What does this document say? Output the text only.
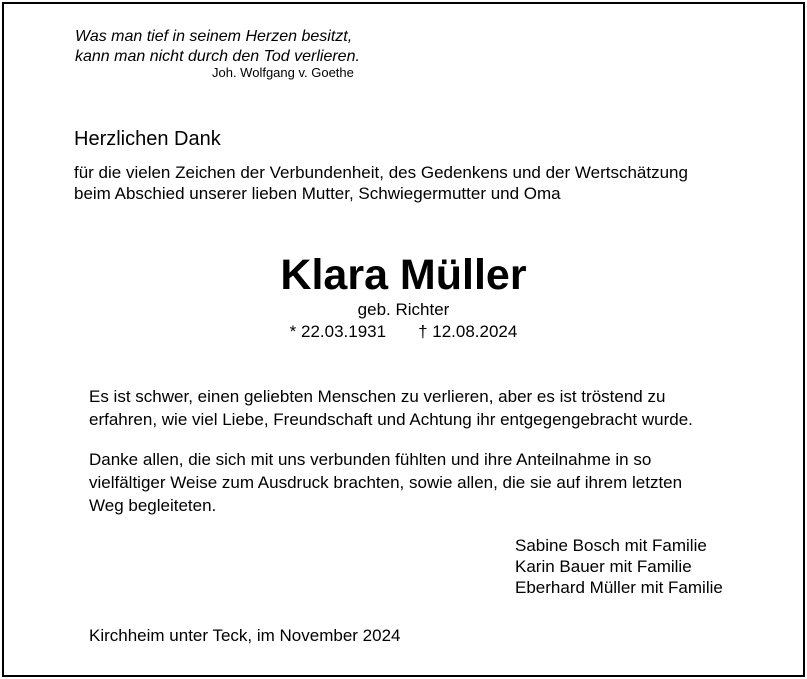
Was man tief in seinem Herzen besitzt,
kann man nicht durch den Tod verlieren.
Joh. Wolfgang v. Goethe
Herzlichen Dank
für die vielen Zeichen der Verbundenheit, des Gedenkens und der Wertschätzung
beim Abschied unserer lieben Mutter, Schwiegermutter und Oma
Klara Müller
geb. Richter
* 22.03.1931 † 12.08.2024
Es ist schwer, einen geliebten Menschen zu verlieren, aber es ist tröstend zu
erfahren, wie viel Liebe, Freundschaft und Achtung ihr entgegengebracht wurde.
Danke allen, die sich mit uns verbunden fühlten und ihre Anteilnahme in so
vielfältiger Weise zum Ausdruck brachten, sowie allen, die sie auf ihrem letzten
Weg begleiteten.
Sabine Bosch mit Familie
Karin Bauer mit Familie
Eberhard Müller mit Familie
Kirchheim unter Teck, im November 2024
